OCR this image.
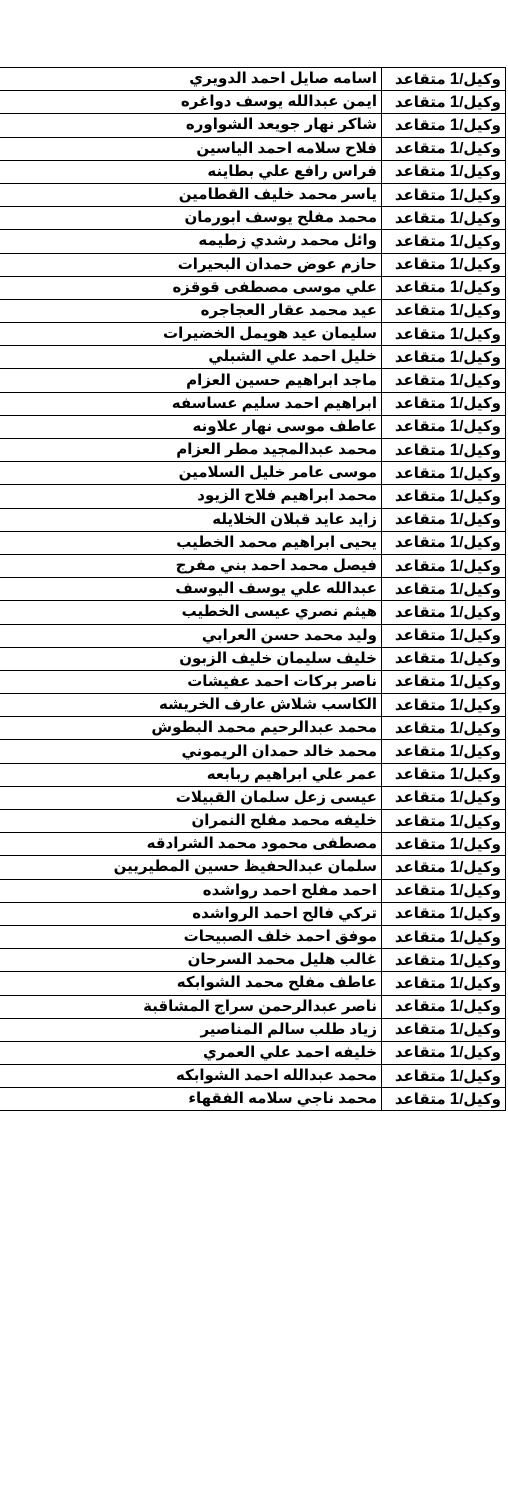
وكيل/1 متقاعد	اسامه صايل احمد الدويري
وكيل/1 متقاعد	ايمن عبدالله يوسف دواغره
وكيل/1 متقاعد	شاكر نهار جويعد الشواوره
وكيل/1 متقاعد	فلاح سلامه احمد الياسين
وكيل/1 متقاعد	فراس رافع علي بطاينه
وكيل/1 متقاعد	ياسر محمد خليف القطامين
وكيل/1 متقاعد	محمد مفلح يوسف ابورمان
وكيل/1 متقاعد	وائل محمد رشدي زطيمه
وكيل/1 متقاعد	حازم عوض حمدان البحيرات
وكيل/1 متقاعد	علي موسى مصطفى قوقزه
وكيل/1 متقاعد	عيد محمد عقار العجاجره
وكيل/1 متقاعد	سليمان عيد هويمل الخضيرات
وكيل/1 متقاعد	خليل احمد علي الشبلي
وكيل/1 متقاعد	ماجد ابراهيم حسين العزام
وكيل/1 متقاعد	ابراهيم احمد سليم عساسفه
وكيل/1 متقاعد	عاطف موسى نهار علاونه
وكيل/1 متقاعد	محمد عبدالمجيد مطر العزام
وكيل/1 متقاعد	موسى عامر خليل السلامين
وكيل/1 متقاعد	محمد ابراهيم فلاح الزيود
وكيل/1 متقاعد	زايد عايد قبلان الخلايله
وكيل/1 متقاعد	يحيى ابراهيم محمد الخطيب
وكيل/1 متقاعد	فيصل محمد احمد بني مفرج
وكيل/1 متقاعد	عبدالله علي يوسف اليوسف
وكيل/1 متقاعد	هيثم نصري عيسى الخطيب
وكيل/1 متقاعد	وليد محمد حسن العرابي
وكيل/1 متقاعد	خليف سليمان خليف الزبون
وكيل/1 متقاعد	ناصر بركات احمد عفيشات
وكيل/1 متقاعد	الكاسب شلاش عارف الخريشه
وكيل/1 متقاعد	محمد عبدالرحيم محمد البطوش
وكيل/1 متقاعد	محمد خالد حمدان الريموني
وكيل/1 متقاعد	عمر علي ابراهيم ربابعه
وكيل/1 متقاعد	عيسى زعل سلمان القبيلات
وكيل/1 متقاعد	خليفه محمد مفلح النمران
وكيل/1 متقاعد	مصطفى محمود محمد الشرادقه
وكيل/1 متقاعد	سلمان عبدالحفيظ حسين المطيريين
وكيل/1 متقاعد	احمد مفلح احمد رواشده
وكيل/1 متقاعد	تركي فالح احمد الرواشده
وكيل/1 متقاعد	موفق احمد خلف الصبيحات
وكيل/1 متقاعد	غالب هليل محمد السرحان
وكيل/1 متقاعد	عاطف مفلح محمد الشوابكه
وكيل/1 متقاعد	ناصر عبدالرحمن سراج المشاقبة
وكيل/1 متقاعد	زياد طلب سالم المناصير
وكيل/1 متقاعد	خليفه احمد علي العمري
وكيل/1 متقاعد	محمد عبدالله احمد الشوابكه
وكيل/1 متقاعد	محمد ناجي سلامه الفقهاء
